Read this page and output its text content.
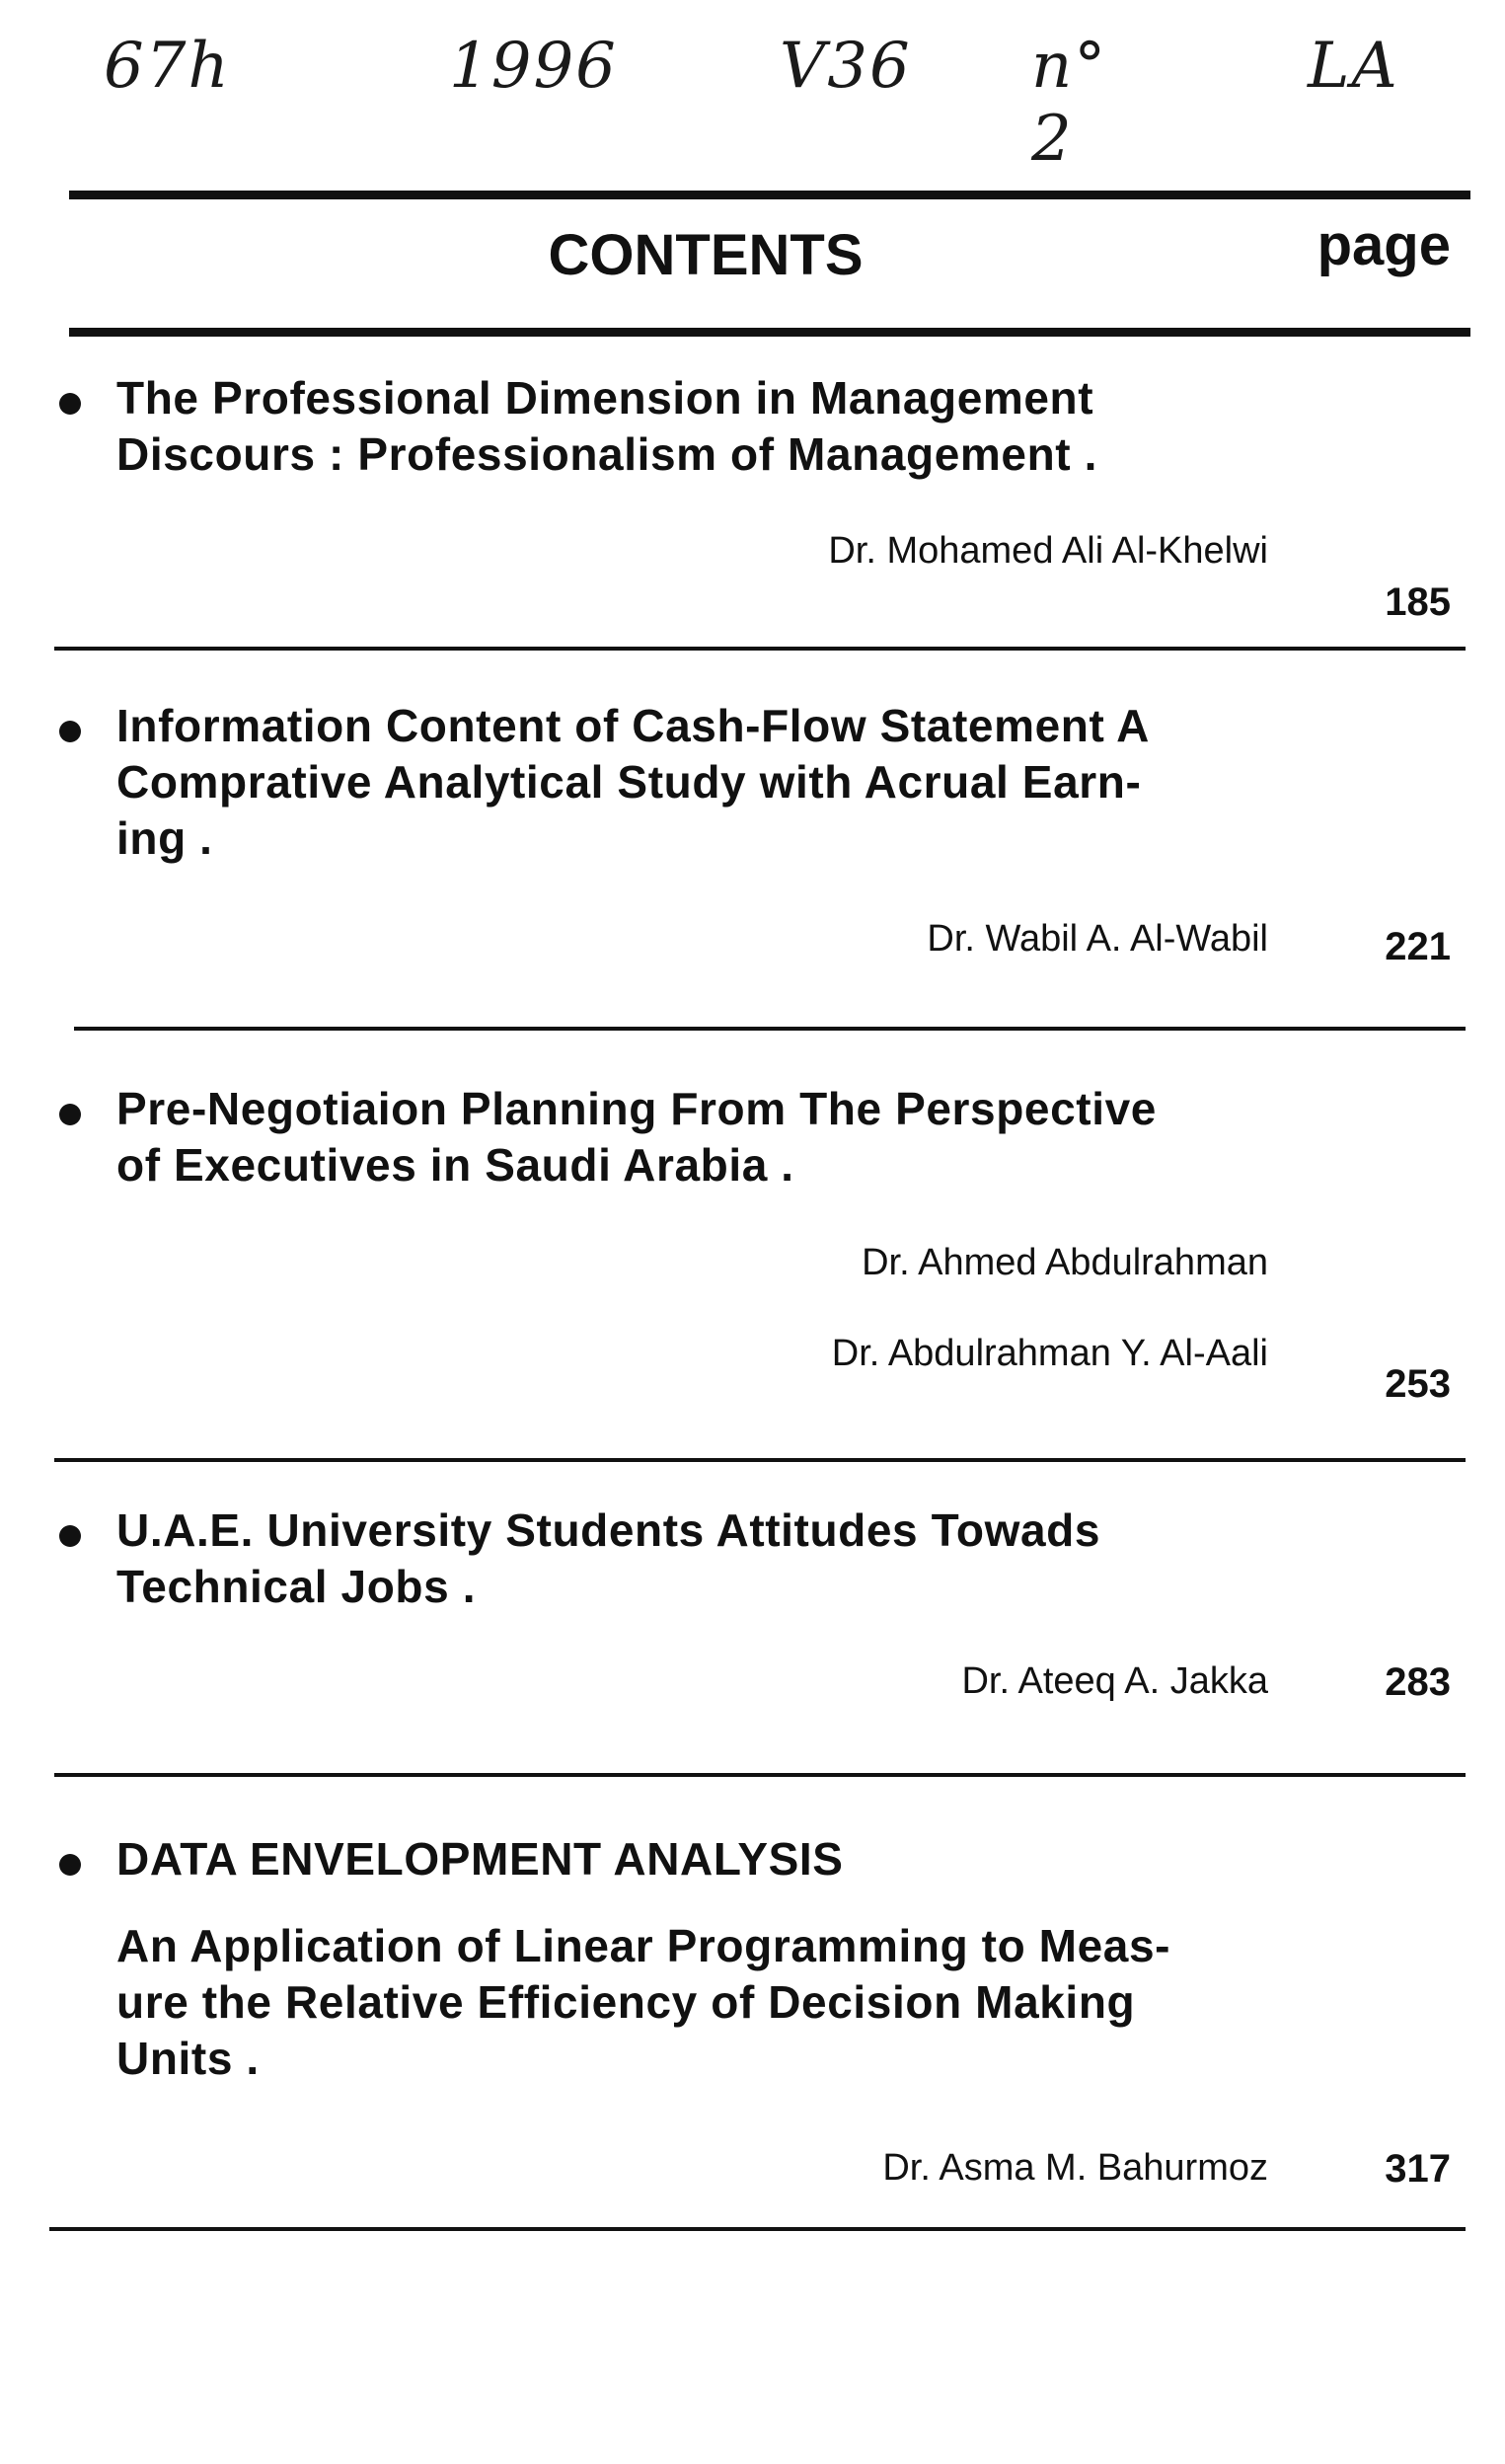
67h	1996	V36 n° 2
LA
CONTENTS	page
The Professional Dimension in Management
Discours : Professionalism of Management .
Dr. Mohamed Ali Al-Khelwi
185
Information Content of Cash-Flow Statement A
Comprative Analytical Study with Acrual Earn-
ing .
Dr. Wabil A. Al-Wabil	221
Pre-Negotiaion Planning From The Perspective
of Executives in Saudi Arabia .
Dr. Ahmed Abdulrahman
Dr. Abdulrahman Y. Al-Aali
253
U.A.E. University Students Attitudes Towads
Technical Jobs .
Dr. Ateeq A. Jakka	283
DATA ENVELOPMENT ANALYSIS
An Application of Linear Programming to Meas-
ure the Relative Efficiency of Decision Making
Units .
Dr. Asma M. Bahurmoz	317
